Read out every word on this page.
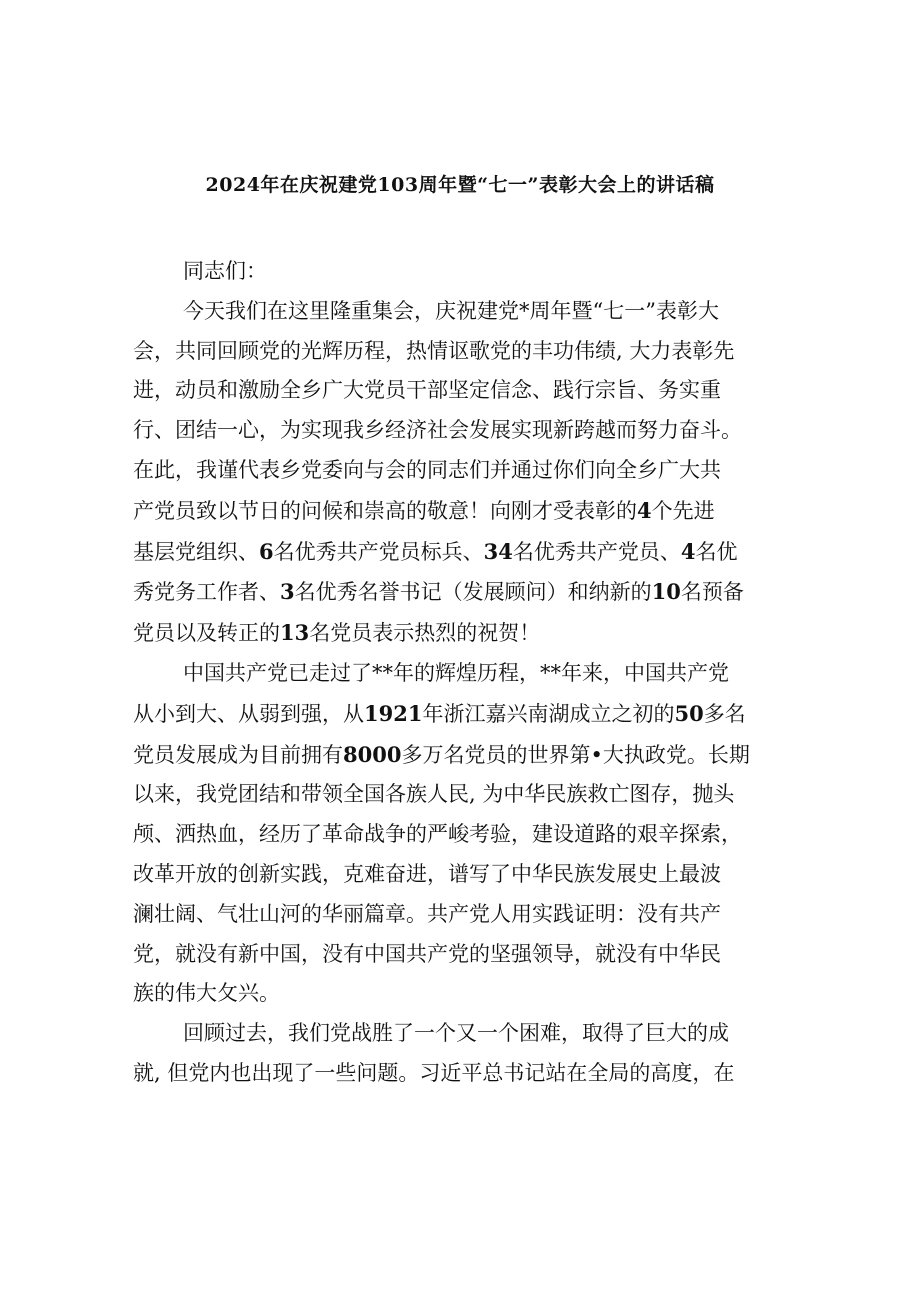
2024年在庆祝建党103周年暨“七一”表彰大会上的讲话稿

同志们：

今天我们在这里隆重集会，庆祝建党*周年暨“七一”表彰大
会，共同回顾党的光辉历程，热情讴歌党的丰功伟绩, 大力表彰先
进，动员和激励全乡广大党员干部坚定信念、践行宗旨、务实重
行、团结一心，为实现我乡经济社会发展实现新跨越而努力奋斗。
在此，我谨代表乡党委向与会的同志们并通过你们向全乡广大共
产党员致以节日的问候和崇高的敬意！向刚才受表彰的4个先进
基层党组织、6名优秀共产党员标兵、34名优秀共产党员、4名优
秀党务工作者、3名优秀名誉书记（发展顾问）和纳新的10名预备
党员以及转正的13名党员表示热烈的祝贺！

中国共产党已走过了**年的辉煌历程，**年来，中国共产党
从小到大、从弱到强，从1921年浙江嘉兴南湖成立之初的50多名
党员发展成为目前拥有8000多万名党员的世界第•大执政党。长期
以来，我党团结和带领全国各族人民, 为中华民族救亡图存，抛头
颅、洒热血，经历了革命战争的严峻考验，建设道路的艰辛探索，
改革开放的创新实践，克难奋进，谱写了中华民族发展史上最波
澜壮阔、气壮山河的华丽篇章。共产党人用实践证明：没有共产
党，就没有新中国，没有中国共产党的坚强领导，就没有中华民
族的伟大攵兴。

回顾过去，我们党战胜了一个又一个困难，取得了巨大的成
就, 但党内也出现了一些问题。习近平总书记站在全局的高度，在
